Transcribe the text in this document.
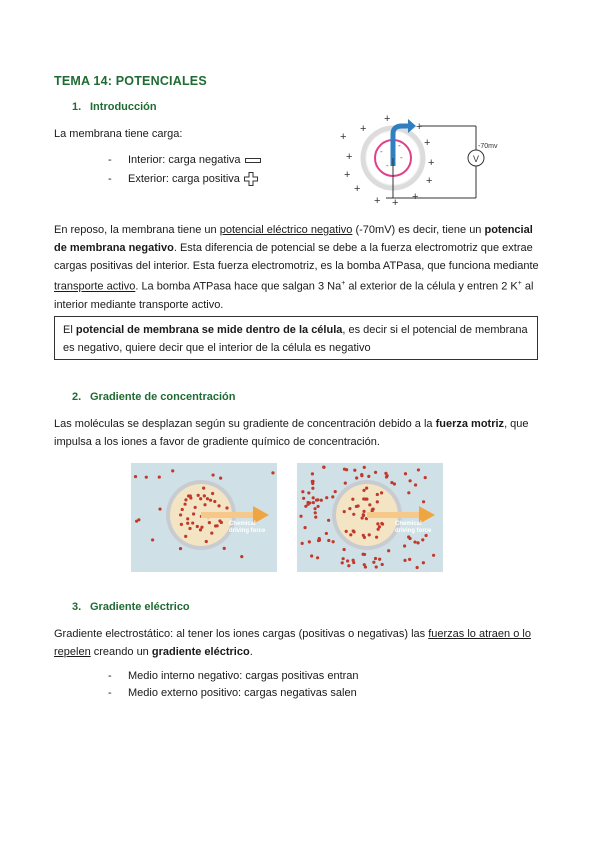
TEMA 14: POTENCIALES
1. Introducción
La membrana tiene carga:
- Interior: carga negativa
- Exterior: carga positiva
+
+
+
+
+ + +
+
+
+
+
+
+
-
-
-
-
V
-70mv
En reposo, la membrana tiene un potencial eléctrico negativo (-70mV) es decir, tiene un potencial de membrana negativo. Esta diferencia de potencial se debe a la fuerza electromotriz que extrae cargas positivas del interior. Esta fuerza electromotriz, es la bomba ATPasa, que funciona mediante transporte activo. La bomba ATPasa hace que salgan 3 Na+ al exterior de la célula y entren 2 K+ al interior mediante transporte activo.
El potencial de membrana se mide dentro de la célula, es decir si el potencial de membrana es negativo, quiere decir que el interior de la célula es negativo
2. Gradiente de concentración
Las moléculas se desplazan según su gradiente de concentración debido a la fuerza motriz, que impulsa a los iones a favor de gradiente químico de concentración.
Chemical
driving force
Chemical
driving force
3. Gradiente eléctrico
Gradiente electrostático: al tener los iones cargas (positivas o negativas) las fuerzas lo atraen o lo repelen creando un gradiente eléctrico.
- Medio interno negativo: cargas positivas entran
- Medio externo positivo: cargas negativas salen
